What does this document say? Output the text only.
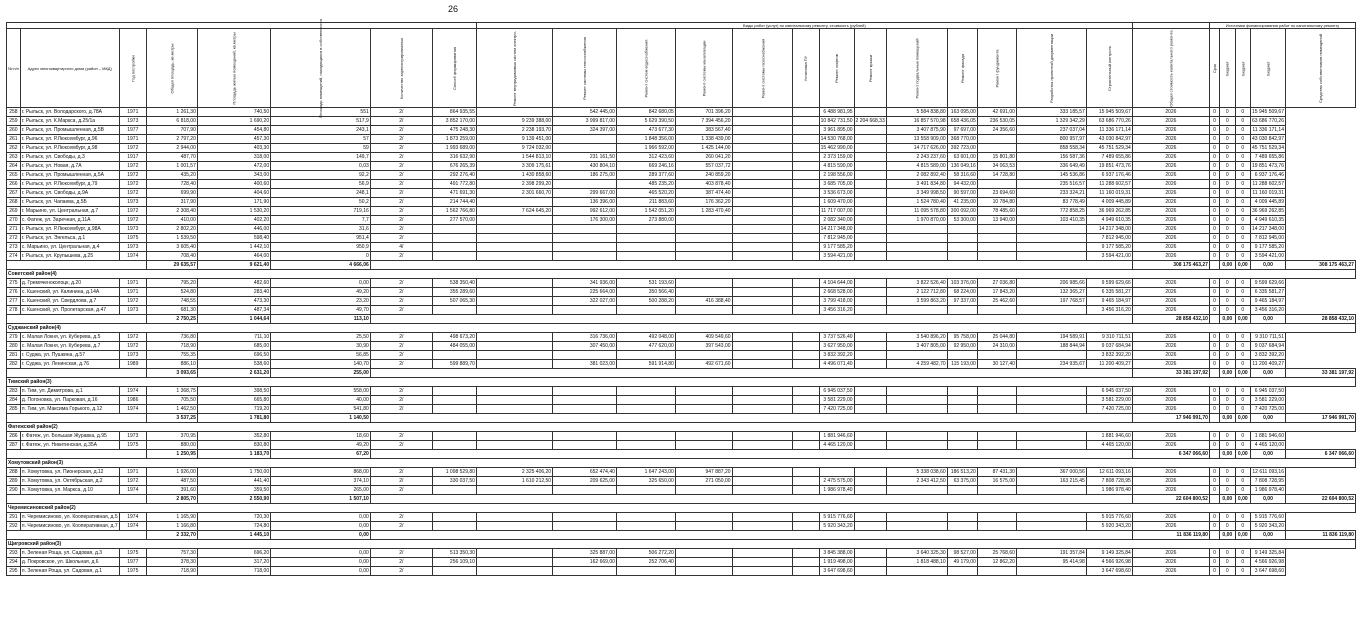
26
								Виды работ (услуг) по капитальному ремонту, стоимость (рублей)														Источники финансирования работ по капитальному ремонту				
№ п/п	Адрес многоквартирного дома (район – МКД)	Год постройки	Общая площадь, кв.метры	Площадь жилых помещений, кв.метры	Площадь помещений, находящихся в собственности	Количество зарегистрированных	Способ формирования	Ремонт внутридомовых систем электро-	Ремонт системы теплоснабжения	Ремонт систем водоснабжения	Ремонт системы канализации	Ремонт системы газоснабжения	Установка ПУ	Ремонт лифтов	Ремонт крыши	Ремонт подвальных помещений	Ремонт фасада	Ремонт фундамента	Разработка проектной документации	Строительный контроль	Общая стоимость капитального ремонта	Срок	Бюджет	Бюджет	Бюджет	Средства собственников помещений
258	г. Рыльск, ул. Володарского, д.78А	1971	1 261,30	740,50	551	2/	864 935,55		542 445,00	842 680,05	701 396,20			6 488 981,95		5 584 838,80	163 095,00	42 691,00	333 185,57	15 945 509,67	2026	0	0	0	15 945 509,67	
259	г. Рыльск, ул. К.Маркса, д.25/1а	1973	6 818,00	1 690,20	517,9	2/	3 852 170,00	9 239 388,00	3 999 817,00	5 629 390,50	7 394 456,20			10 842 731,50	2 204 668,33	16 857 570,98	658 436,05	236 530,05	1 329 342,29	63 686 770,26	2026	0	0	0	63 686 770,26	
260	г. Рыльск, ул. Промышленная, д.5В	1977	707,90	454,80	243,1	2/	475 248,30	2 238 193,70	324 397,00	473 677,30	383 567,40			3 961 895,00		3 407 875,90	97 697,00	24 356,60	237 037,04	11 336 171,14	2026	0	0	0	11 336 171,14	
261	г. Рыльск, ул. Р.Люксембург, д.96	1971	2 797,20	457,30	57	2/	1 873 259,00	9 139 451,00		1 848 356,00	1 338 439,00			14 530 768,00		13 558 909,00	368 770,00		800 957,97	43 030 842,97	2026	0	0	0	43 030 842,97	
262	г. Рыльск, ул. Р.Люксембург, д.98	1972	2 944,00	403,30	59	2/	1 993 689,00	9 724 032,00		1 966 592,00	1 425 144,00			15 462 990,00		14 717 626,00	392 723,00		858 558,34	45 751 529,34	2026	0	0	0	45 751 529,34	
263	г. Рыльск, ул. Свободы, д.3	1917	487,70	318,00	149,7	2/	316 632,90	1 544 813,10	231 161,50	312 423,60	260 041,20			2 373 159,00		2 243 237,60	63 601,00	15 801,80	156 587,36	7 489 655,86	2026	0	0	0	7 489 655,86	
264	г. Рыльск, ул. Новая, д.7А	1972	1 001,57	472,00	0,03	2/	676 265,39	3 309 175,61	430 804,10	669 246,16	557 037,72			4 815 590,00		4 815 589,00	136 049,16	34 063,53	336 649,49	19 851 473,76	2026	0	0	0	19 851 473,76	
265	г. Рыльск, ул. Промышленная, д.5А	1972	435,20	343,00	92,2	2/	292 276,40	1 430 858,60	186 275,00	289 377,60	240 859,20			2 198 556,00		2 082 892,40	58 316,60	14 728,80	145 536,86	6 937 176,46	2026	0	0	0	6 937 176,46	
266	г. Рыльск, ул. Р.Люксембург, д.79	1972	728,40	400,60	56,9	2/	491 772,80	2 398 299,20		485 235,20	403 878,40			3 685 705,00		3 491 834,80	94 432,00		235 516,57	11 288 602,57	2026	0	0	0	11 288 602,57	
267	г. Рыльск, ул. Свободы, д.9А	1972	699,90	404,60	248,1	2/	471 691,30	2 301 660,70	299 667,00	465 520,20	387 474,40			3 536 673,00		3 349 998,50	90 597,00	23 694,60	233 324,21	11 160 019,31	2026	0	0	0	11 160 019,31	
268	г. Рыльск, ул. Чапаева, д.5Б	1973	317,90	171,90	50,2	2/	214 744,40		136 396,00	211 883,60	176 362,20			1 609 470,00		1 524 780,40	41 235,00	10 784,80	83 778,49	4 009 445,89	2026	0	0	0	4 009 445,89	
269	г. Марьино, ул. Центральная, д.7	1972	2 308,40	1 530,20	719,16	2/	1 562 766,80	7 624 645,20	992 612,00	1 542 051,20	1 283 470,40			11 717 007,00		11 095 578,80	300 092,00	78 485,60	772 858,25	36 969 262,85	2026	0	0	0	36 969 262,85	
270	с. Фатеж, ул. Заречная, д.11А	1972	410,00	402,20	7,7	2/	277 570,00		176 300,00	273 880,00				2 082 340,00		1 970 870,00	53 300,00	13 940,00	103 410,35	4 949 610,35	2026	0	0	0	4 949 610,35	
271	г. Рыльск, ул. Р.Люксембург, д.98А	1973	2 802,20	446,00	31,6	2/								14 217 348,00						14 217 348,00	2026	0	0	0	14 217 348,00	
272	г. Рыльск, ул. Энгельса, д.1	1975	1 539,50	598,40	951,4	2/								7 812 945,00						7 812 945,00	2026	0	0	0	7 812 945,00	
273	с. Марьино, ул. Центральная, д.4	1973	3 605,40	1 442,10	950,9	4/								9 177 585,20						9 177 585,20	2026	0	0	0	9 177 585,20	
274	г. Рыльск, ул. Крупышева, д.25	1974	708,40	464,00	0	2/								3 594 421,00						3 594 421,00	2026	0	0	0	3 594 421,00	
			29 635,57	9 621,40	4 666,06																308 175 463,27		0,00	0,00	0,00	308 175 463,27
Советский район(4)																										
275	д. Гремяченоколоцк, д.20	1971	795,20	482,60	0,00	2/	538 350,40		341 936,00	531 193,60				4 104 644,00		3 822 526,40	103 376,00	27 036,80	206 985,66	9 599 629,66	2026	0	0	0	9 599 629,66	
276	с. Кшенский, ул. Калинина, д.14А	1971	524,80	283,40	49,20	2/	355 289,60		225 664,00	350 566,40				2 668 528,00		2 122 712,80	68 224,00	17 843,20	132 365,27	6 335 581,27	2026	0	0	0	6 335 581,27	
277	с. Кшенский, ул. Свердлова, д.7	1972	748,55	473,30	23,20	2/	507 065,30		322 027,00	500 288,20	416 388,40			3 799 418,00		3 599 863,20	97 337,00	25 462,60	197 768,57	9 465 184,97	2026	0	0	0	9 465 184,97	
278	с. Кшенский, ул. Пролетарская, д.47	1973	681,30	487,34	49,70	2/								3 456 316,20						3 456 316,20	2026	0	0	0	3 456 316,20	
			2 750,25	1 044,64	113,10																28 858 432,10		0,00	0,00	0,00	28 858 432,10
Суджанский район(4)																										
279	с. Малая Локня, ул. Куберева, д.5	1972	736,80	711,10	25,50	2/	498 673,20		316 736,00	492 048,00	409 549,60			3 737 526,40		3 540 896,20	95 758,00	25 044,80	194 589,91	9 310 711,51	2026	0	0	0	9 310 711,51	
280	с. Малая Локня, ул. Куберева, д.7	1972	718,90	685,00	30,90	2/	484 055,00		307 450,00	477 620,00	397 543,00			3 627 950,00		3 407 805,00	92 950,00	24 310,00	188 844,94	9 037 684,94	2026	0	0	0	9 037 684,94	
281	г. Суджа, ул. Пушкина, д.57	1973	755,35	696,50	56,85	2/								3 832 392,20						3 832 392,20	2026	0	0	0	3 832 392,20	
282	г. Суджа, ул. Ленинская, д.76	1989	886,10	538,60	140,70	2/	599 889,70		381 023,00	591 914,80	492 671,60			4 496 071,40		4 259 482,70	115 193,00	30 127,40	234 935,67	11 200 409,27	2026	0	0	0	11 200 409,27	
			3 093,65	2 631,20	255,00																33 381 197,92		0,00	0,00	0,00	33 381 197,92
Тимский район(3)																										
283	п. Тим, ул. Димитрова, д.1	1974	1 368,75	398,50	558,00	2/								6 945 037,50						6 945 037,50	2026	0	0	0	6 945 037,50	
284	д. Погоновка, ул. Парковая, д.16	1986	705,50	665,80	40,00	2/								3 581 229,00						3 581 229,00	2026	0	0	0	3 581 229,00	
285	п. Тим, ул. Максима Горького, д.12	1974	1 462,50	719,20	541,80	2/								7 420 725,00						7 420 725,00	2026	0	0	0	7 420 725,00	
			3 537,25	1 781,80	1 140,50																17 946 991,70		0,00	0,00	0,00	17 946 991,70
Фатежский район(2)																										
286	г. Фатеж, ул. Большая Журавка, д.95	1973	370,95	352,80	18,60	2/								1 881 946,60						1 881 946,60	2026	0	0	0	1 881 946,60	
287	г. Фатеж, ул. Никитинская, д.35А	1975	880,00	830,80	49,20	2/								4 465 120,00						4 465 120,00	2026	0	0	0	4 465 120,00	
			1 250,95	1 183,70	67,20																6 347 066,60		0,00	0,00	0,00	6 347 066,60
Хомутовский район(3)																										
288	п. Хомутовка, ул. Пионерская, д.12	1971	1 926,00	1 750,00	868,00	2/	1 098 529,80	2 325 406,20	652 474,40	1 647 243,00	947 887,20					5 338 038,60	186 513,20	87 431,30	367 000,56	12 611 093,16	2026	0	0	0	12 611 093,16	
289	п. Хомутовка, ул. Октябрьская, д.2	1972	487,50	441,40	374,10	2/	330 037,50	1 610 212,50	209 625,00	325 650,00	271 050,00			2 475 575,00		2 343 412,50	63 375,00	16 575,00	163 215,45	7 808 728,95	2026	0	0	0	7 808 728,95	
290	п. Хомутовка, ул. Маркса, д.10	1974	391,60	359,50	265,00	2/								1 986 978,40						1 986 978,40	2026	0	0	0	1 986 978,40	
			2 805,70	2 550,90	1 507,10																22 604 800,52		0,00	0,00	0,00	22 604 800,52
Черемисиновский район(2)																										
291	п. Черемисиново, ул. Кооперативная, д.5	1974	1 165,90	720,30	0,00	2/								5 915 776,60						5 915 776,60	2026	0	0	0	5 915 776,60	
292	п. Черемисиново, ул. Кооперативная, д.7	1974	1 166,80	724,80	0,00	2/								5 920 343,20						5 920 343,20	2026	0	0	0	5 920 343,20	
			2 332,70	1 445,10	0,00																11 836 119,80		0,00	0,00	0,00	11 836 119,80
Щигровский район(3)																										
293	п. Зеленая Роща, ул. Садовая, д.3	1975	757,30	696,20	0,00	2/	513 350,30		325 887,00	506 272,20				3 845 388,00		3 640 325,30	98 527,00	25 768,60	191 357,84	9 149 325,84	2026	0	0	0	9 149 325,84	
294	д. Покровское, ул. Школьная, д.6	1977	378,30	317,20	0,00	2/	256 109,10		162 669,00	252 706,40				1 919 498,00		1 818 488,10	49 179,00	12 862,20	95 414,98	4 566 926,98	2026	0	0	0	4 566 926,98	
295	п. Зеленая Роща, ул. Садовая, д.1	1975	718,90	718,00	0,00	2/								3 647 698,60						3 647 698,60	2026	0	0	0	3 647 698,60	
